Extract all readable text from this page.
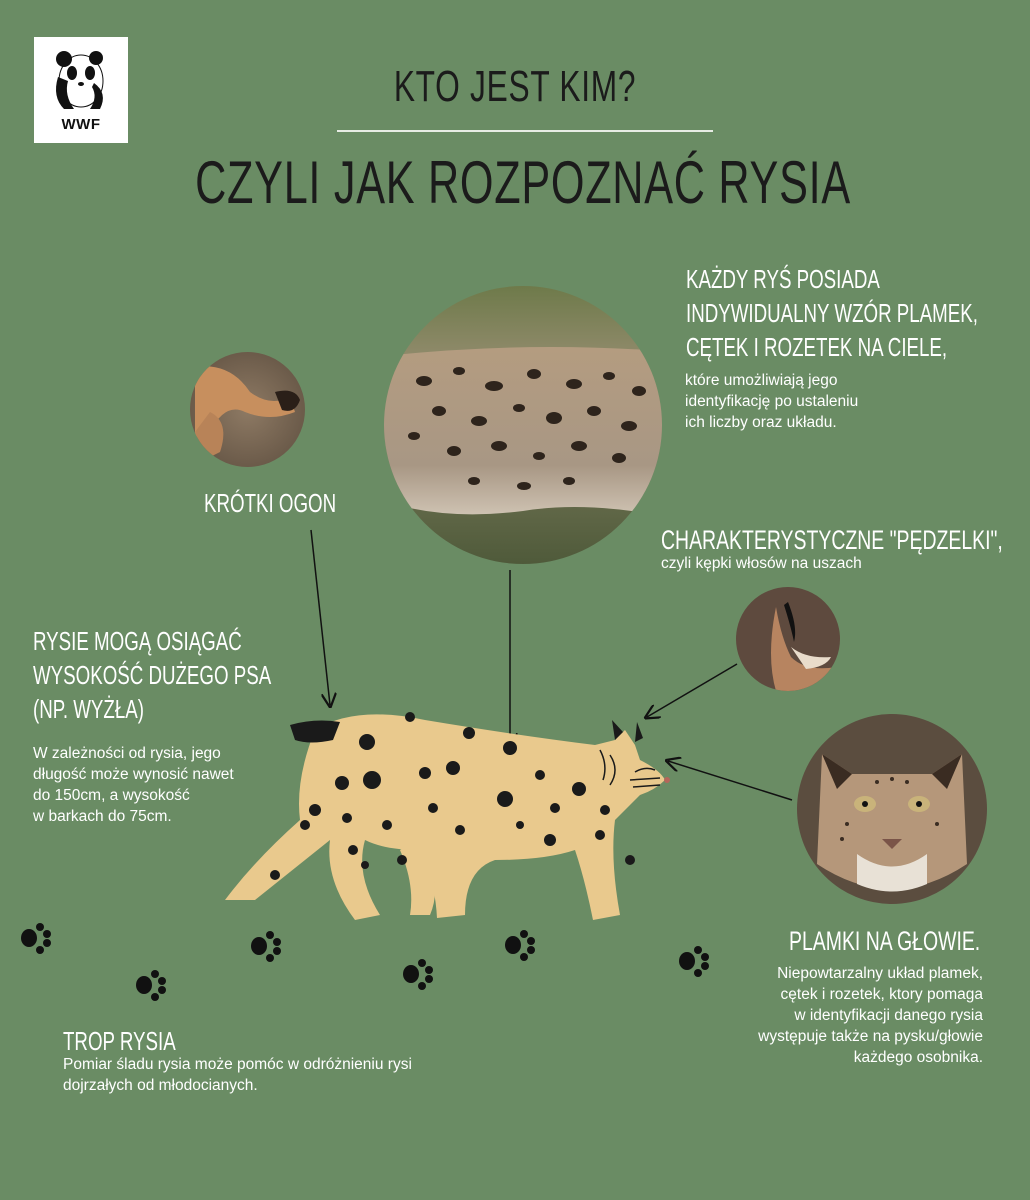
WWF
KTO JEST KIM?
CZYLI JAK ROZPOZNAĆ RYSIA
KAŻDY RYŚ POSIADA
INDYWIDUALNY WZÓR PLAMEK,
CĘTEK I ROZETEK NA CIELE,
które umożliwiają jego
identyfikację po ustaleniu
ich liczby oraz układu.
KRÓTKI OGON
CHARAKTERYSTYCZNE "PĘDZELKI",
czyli kępki włosów na uszach
RYSIE MOGĄ OSIĄGAĆ
WYSOKOŚĆ DUŻEGO PSA
(NP. WYŻŁA)
W zależności od rysia, jego
długość może wynosić nawet
do 150cm, a wysokość
w barkach do 75cm.
PLAMKI NA GŁOWIE.
Niepowtarzalny układ plamek,
cętek i rozetek, ktory pomaga
w identyfikacji danego rysia
występuje także na pysku/głowie
każdego osobnika.
TROP RYSIA
Pomiar śladu rysia może pomóc w odróżnieniu rysi
dojrzałych od młodocianych.
